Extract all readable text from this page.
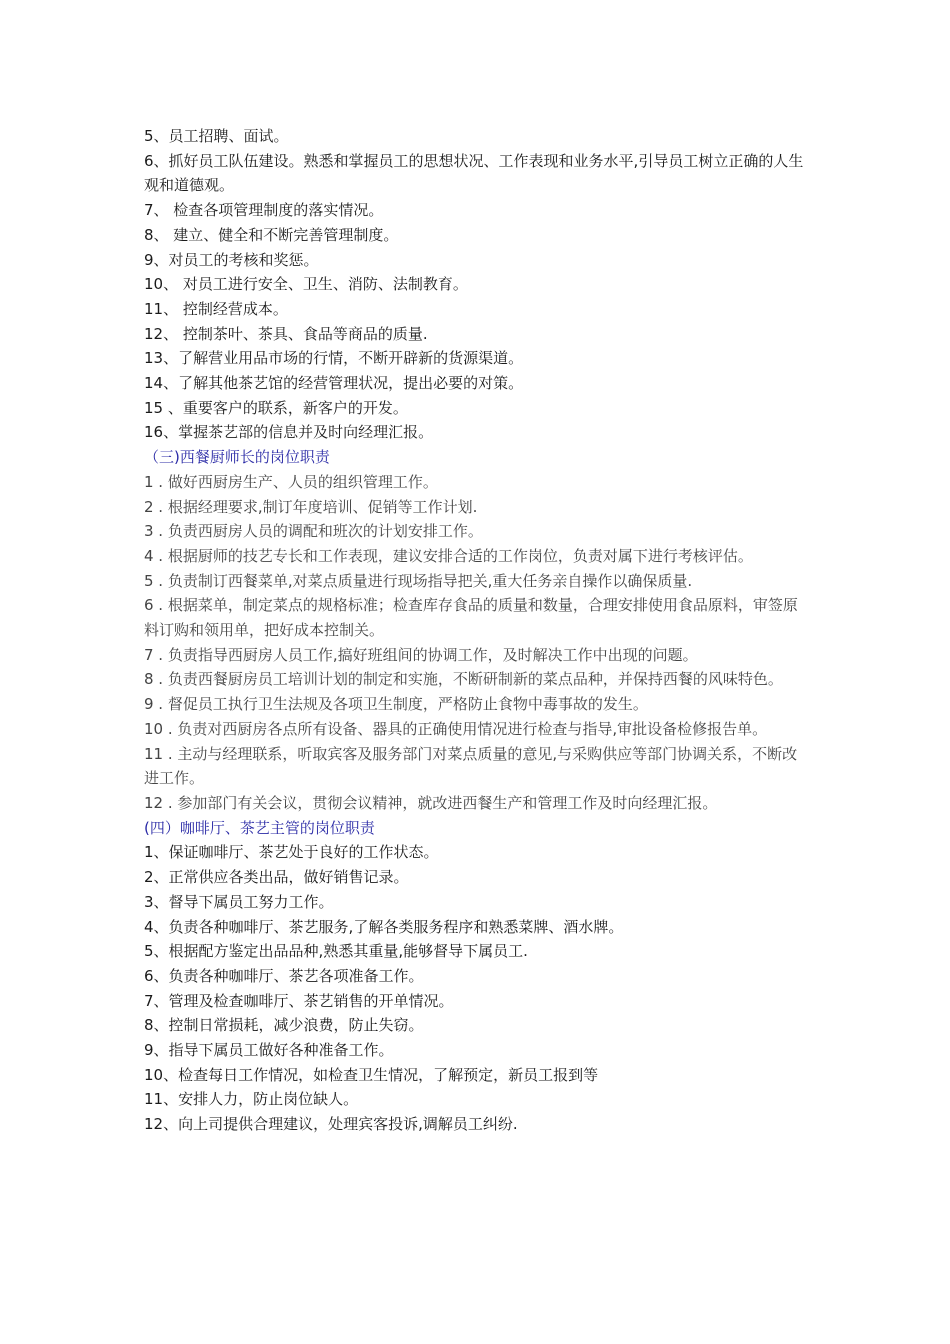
5、员工招聘、面试。
6、抓好员工队伍建设。熟悉和掌握员工的思想状况、工作表现和业务水平,引导员工树立正确的人生观和道德观。
7、 检查各项管理制度的落实情况。
8、 建立、健全和不断完善管理制度。
9、对员工的考核和奖惩。
10、 对员工进行安全、卫生、消防、法制教育。
11、 控制经营成本。
12、 控制茶叶、茶具、食品等商品的质量.
13、了解营业用品市场的行情，不断开辟新的货源渠道。
14、了解其他茶艺馆的经营管理状况，提出必要的对策。
15 、重要客户的联系，新客户的开发。
16、掌握茶艺部的信息并及时向经理汇报。
（三)西餐厨师长的岗位职责
1 . 做好西厨房生产、人员的组织管理工作。
2 . 根据经理要求,制订年度培训、促销等工作计划.
3 . 负责西厨房人员的调配和班次的计划安排工作。
4 . 根据厨师的技艺专长和工作表现，建议安排合适的工作岗位，负责对属下进行考核评估。
5 . 负责制订西餐菜单,对菜点质量进行现场指导把关,重大任务亲自操作以确保质量.
6 . 根据菜单，制定菜点的规格标准；检查库存食品的质量和数量，合理安排使用食品原料，审签原料订购和领用单，把好成本控制关。
7 . 负责指导西厨房人员工作,搞好班组间的协调工作，及时解决工作中出现的问题。
8 . 负责西餐厨房员工培训计划的制定和实施，不断研制新的菜点品种，并保持西餐的风味特色。
9 . 督促员工执行卫生法规及各项卫生制度，严格防止食物中毒事故的发生。
10 . 负责对西厨房各点所有设备、器具的正确使用情况进行检查与指导,审批设备检修报告单。
11 . 主动与经理联系，听取宾客及服务部门对菜点质量的意见,与采购供应等部门协调关系，不断改进工作。
12 . 参加部门有关会议，贯彻会议精神，就改进西餐生产和管理工作及时向经理汇报。
(四）咖啡厅、茶艺主管的岗位职责
1、保证咖啡厅、茶艺处于良好的工作状态。
2、正常供应各类出品，做好销售记录。
3、督导下属员工努力工作。
4、负责各种咖啡厅、茶艺服务,了解各类服务程序和熟悉菜牌、酒水牌。
5、根据配方鉴定出品品种,熟悉其重量,能够督导下属员工.
6、负责各种咖啡厅、茶艺各项准备工作。
7、管理及检查咖啡厅、茶艺销售的开单情况。
8、控制日常损耗，减少浪费，防止失窃。
9、指导下属员工做好各种准备工作。
10、检查每日工作情况，如检查卫生情况，了解预定，新员工报到等
11、安排人力，防止岗位缺人。
12、向上司提供合理建议，处理宾客投诉,调解员工纠纷.
